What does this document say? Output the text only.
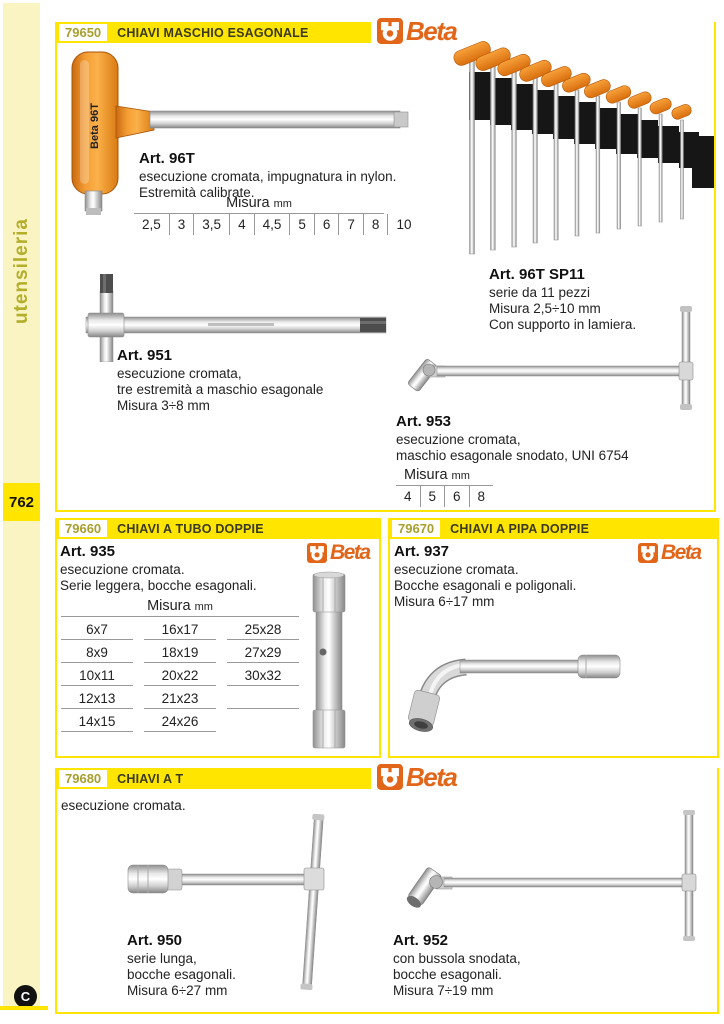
utensileria
762
C
79650	CHIAVI MASCHIO ESAGONALE	Beta
Beta 96T
Art. 96T
esecuzione cromata, impugnatura in nylon.
Estremità calibrate.
Misura mm
2,5	3	3,5	4	4,5	5	6	7	8	10
Art. 96T SP11
serie da 11 pezzi
Misura 2,5÷10 mm
Con supporto in lamiera.
Art. 951
esecuzione cromata,
tre estremità a maschio esagonale
Misura 3÷8 mm
Art. 953
esecuzione cromata,
maschio esagonale snodato, UNI 6754
Misura mm
4	5	6	8
79660	CHIAVI A TUBO DOPPIE
Beta
Art. 935
esecuzione cromata.
Serie leggera, bocche esagonali.
Misura mm
6x7	16x17	25x28
8x9	18x19	27x29
10x11	20x22	30x32
12x13	21x23
14x15	24x26
79670	CHIAVI A PIPA DOPPIE
Beta
Art. 937
esecuzione cromata.
Bocche esagonali e poligonali.
Misura 6÷17 mm
79680	CHIAVI A T	Beta
esecuzione cromata.
Art. 950
serie lunga,
bocche esagonali.
Misura 6÷27 mm
Art. 952
con bussola snodata,
bocche esagonali.
Misura 7÷19 mm
